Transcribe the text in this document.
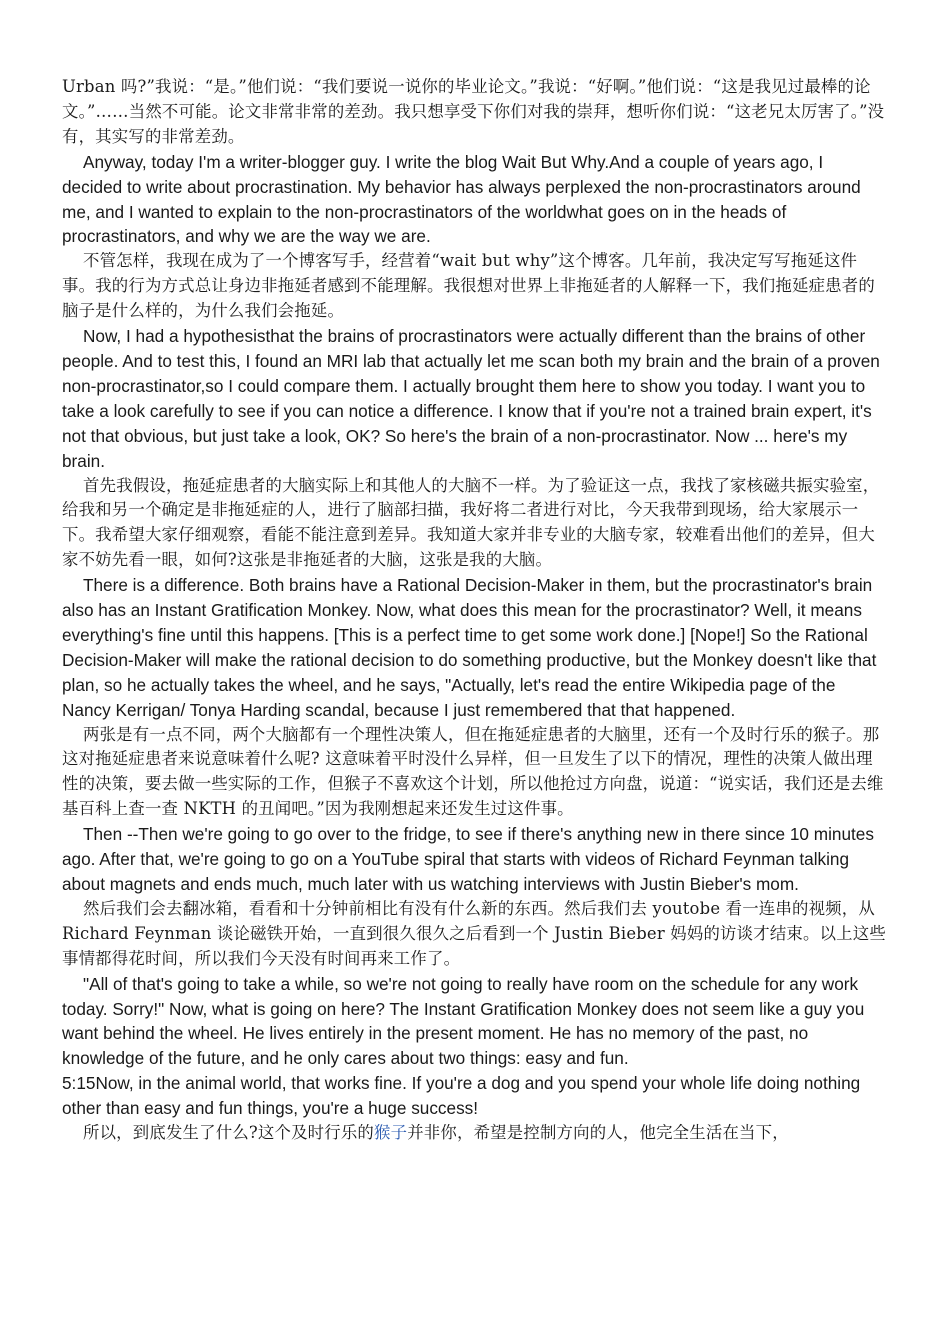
Urban 吗?”我说：“是。”他们说：“我们要说一说你的毕业论文。”我说：“好啊。”他们说：“这是我见过最棒的论文。”……当然不可能。论文非常非常的差劲。我只想享受下你们对我的崇拜，想听你们说：“这老兄太厉害了。”没有，其实写的非常差劲。

Anyway, today I'm a writer-blogger guy. I write the blog Wait But Why.And a couple of years ago, I decided to write about procrastination. My behavior has always perplexed the non-procrastinators around me, and I wanted to explain to the non-procrastinators of the worldwhat goes on in the heads of procrastinators, and why we are the way we are.

不管怎样，我现在成为了一个博客写手，经营着“wait but why”这个博客。几年前，我决定写写拖延这件事。我的行为方式总让身边非拖延者感到不能理解。我很想对世界上非拖延者的人解释一下，我们拖延症患者的脑子是什么样的，为什么我们会拖延。

Now, I had a hypothesisthat the brains of procrastinators were actually different than the brains of other people. And to test this, I found an MRI lab that actually let me scan both my brain and the brain of a proven non-procrastinator,so I could compare them. I actually brought them here to show you today. I want you to take a look carefully to see if you can notice a difference. I know that if you're not a trained brain expert, it's not that obvious, but just take a look, OK? So here's the brain of a non-procrastinator. Now ... here's my brain.

首先我假设，拖延症患者的大脑实际上和其他人的大脑不一样。为了验证这一点，我找了家核磁共振实验室，给我和另一个确定是非拖延症的人，进行了脑部扫描，我好将二者进行对比，今天我带到现场，给大家展示一下。我希望大家仔细观察，看能不能注意到差异。我知道大家并非专业的大脑专家，较难看出他们的差异，但大家不妨先看一眼，如何?这张是非拖延者的大脑，这张是我的大脑。

There is a difference. Both brains have a Rational Decision-Maker in them, but the procrastinator's brain also has an Instant Gratification Monkey. Now, what does this mean for the procrastinator? Well, it means everything's fine until this happens. [This is a perfect time to get some work done.] [Nope!] So the Rational Decision-Maker will make the rational decision to do something productive, but the Monkey doesn't like that plan, so he actually takes the wheel, and he says, "Actually, let's read the entire Wikipedia page of the Nancy Kerrigan/ Tonya Harding scandal, because I just remembered that that happened.

两张是有一点不同，两个大脑都有一个理性决策人，但在拖延症患者的大脑里，还有一个及时行乐的猴子。那这对拖延症患者来说意味着什么呢? 这意味着平时没什么异样，但一旦发生了以下的情况，理性的决策人做出理性的决策，要去做一些实际的工作，但猴子不喜欢这个计划，所以他抢过方向盘，说道：“说实话，我们还是去维基百科上查一查 NKTH 的丑闻吧。”因为我刚想起来还发生过这件事。

Then --Then we're going to go over to the fridge, to see if there's anything new in there since 10 minutes ago. After that, we're going to go on a YouTube spiral that starts with videos of Richard Feynman talking about magnets and ends much, much later with us watching interviews with Justin Bieber's mom.

然后我们会去翻冰箱，看看和十分钟前相比有没有什么新的东西。然后我们去 youtobe 看一连串的视频，从 Richard Feynman 谈论磁铁开始，一直到很久很久之后看到一个 Justin Bieber 妈妈的访谈才结束。以上这些事情都得花时间，所以我们今天没有时间再来工作了。

"All of that's going to take a while, so we're not going to really have room on the schedule for any work today. Sorry!" Now, what is going on here? The Instant Gratification Monkey does not seem like a guy you want behind the wheel. He lives entirely in the present moment. He has no memory of the past, no knowledge of the future, and he only cares about two things: easy and fun.

5:15Now, in the animal world, that works fine. If you're a dog and you spend your whole life doing nothing other than easy and fun things, you're a huge success!

所以，到底发生了什么?这个及时行乐的猴子并非你，希望是控制方向的人，他完全生活在当下，
